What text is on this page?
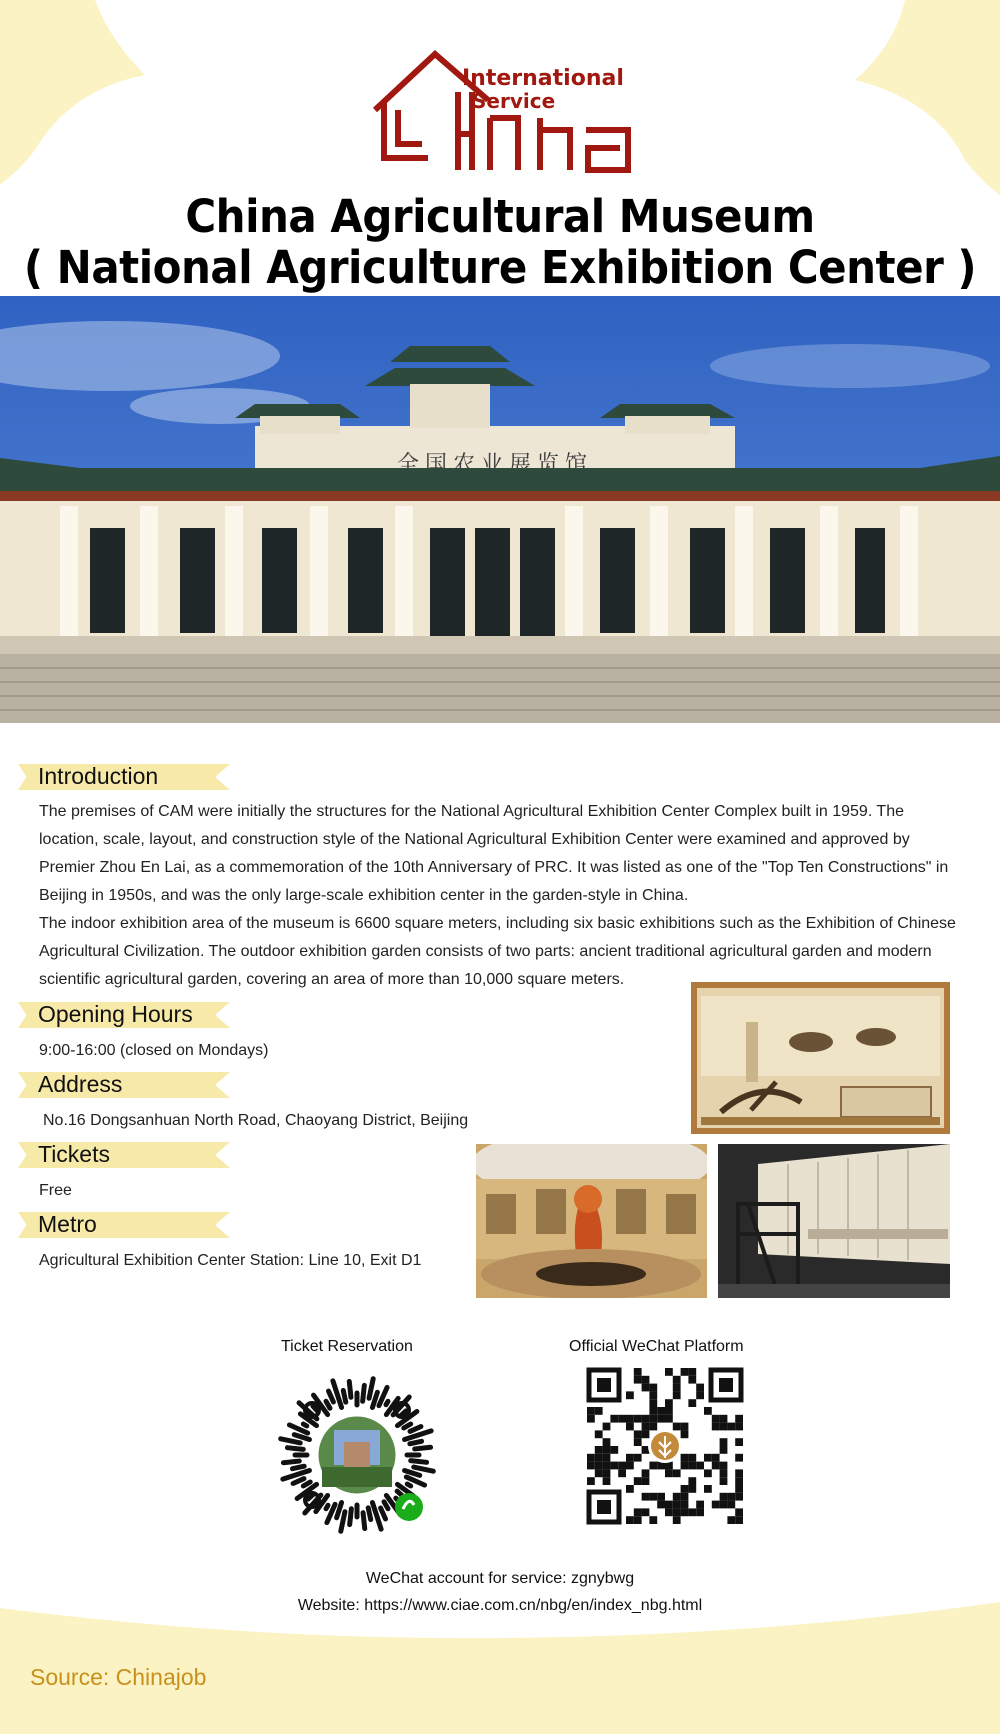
International
Service
China
China Agricultural Museum
( National Agriculture Exhibition Center )
全国农业展览馆
Introduction

The premises of CAM were initially the structures for the National Agricultural Exhibition Center Complex built in 1959. The location, scale, layout, and construction style of the National Agricultural Exhibition Center were examined and approved by Premier Zhou En Lai, as a commemoration of the 10th Anniversary of PRC. It was listed as one of the "Top Ten Constructions" in Beijing in 1950s, and was the only large-scale exhibition center in the garden-style in China.

The indoor exhibition area of the museum is 6600 square meters, including six basic exhibitions such as the Exhibition of Chinese Agricultural Civilization. The outdoor exhibition garden consists of two parts: ancient traditional agricultural garden and modern scientific agricultural garden, covering an area of more than 10,000 square meters.

Opening Hours
9:00-16:00 (closed on Mondays)
Address
No.16 Dongsanhuan North Road, Chaoyang District, Beijing
Tickets
Free
Metro
Agricultural Exhibition Center Station: Line 10, Exit D1
Ticket Reservation	Official WeChat Platform
WeChat account for service: zgnybwg
Website: https://www.ciae.com.cn/nbg/en/index_nbg.html
Source: Chinajob
